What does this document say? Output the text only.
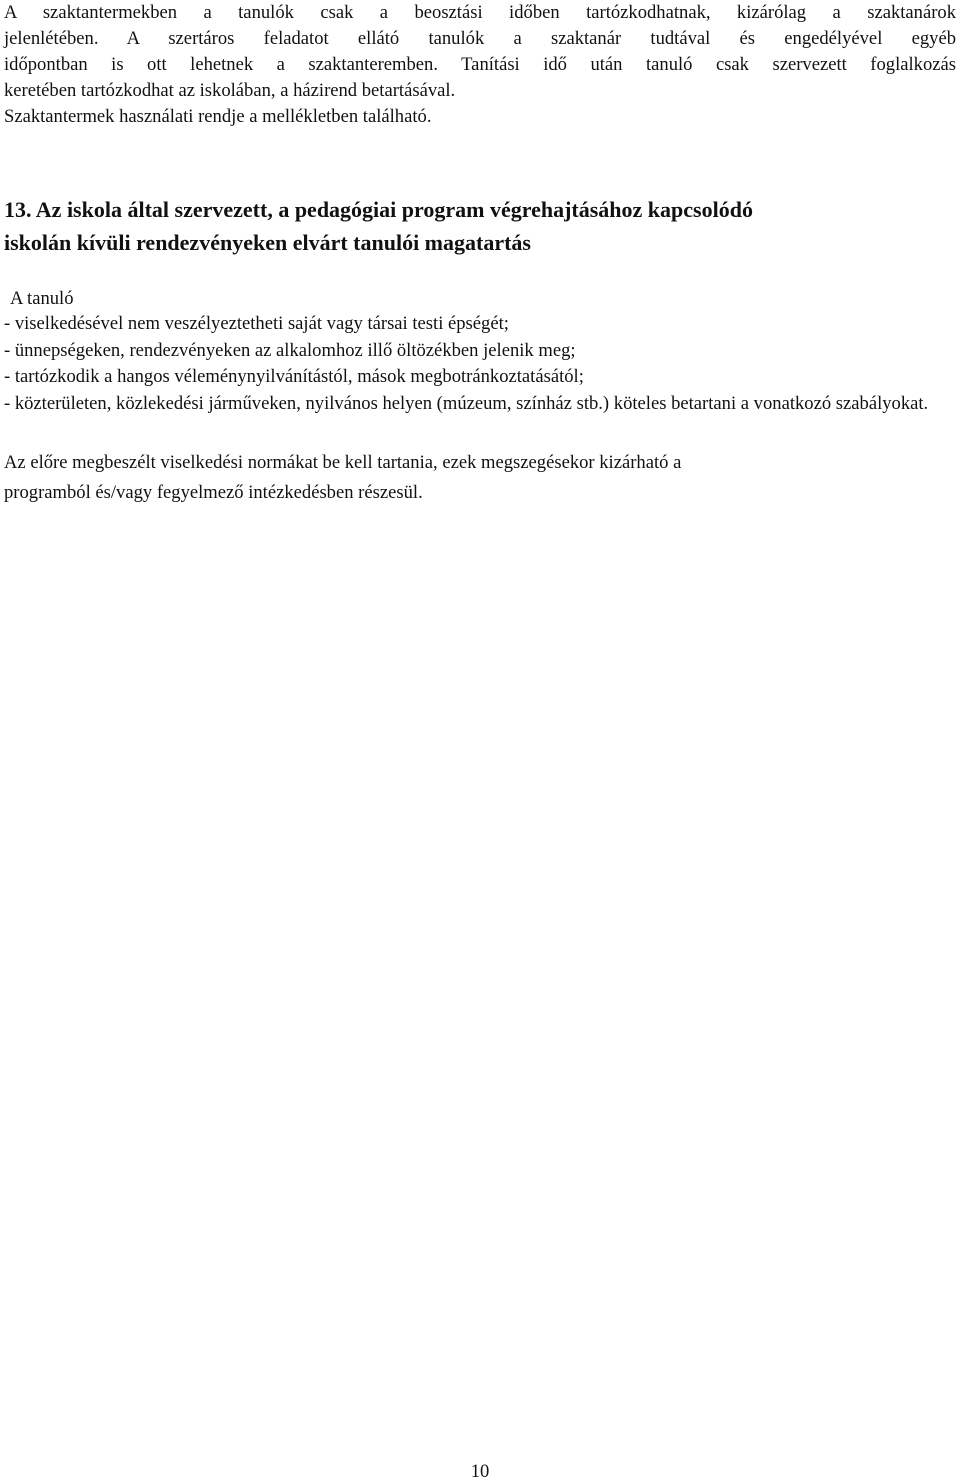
A szaktantermekben a tanulók csak a beosztási időben tartózkodhatnak, kizárólag a szaktanárok
jelenlétében. A szertáros feladatot ellátó tanulók a szaktanár tudtával és engedélyével egyéb
időpontban is ott lehetnek a szaktanteremben. Tanítási idő után tanuló csak szervezett foglalkozás
keretében tartózkodhat az iskolában, a házirend betartásával.
Szaktantermek használati rendje a mellékletben található.
13. Az iskola által szervezett, a pedagógiai program végrehajtásához kapcsolódó
iskolán kívüli rendezvényeken elvárt tanulói magatartás
A tanuló
- viselkedésével nem veszélyeztetheti saját vagy társai testi épségét;
- ünnepségeken, rendezvényeken az alkalomhoz illő öltözékben jelenik meg;
- tartózkodik a hangos véleménynyilvánítástól, mások megbotránkoztatásától;
- közterületen, közlekedési járműveken, nyilvános helyen (múzeum, színház stb.) köteles betartani a vonatkozó szabályokat.
Az előre megbeszélt viselkedési normákat be kell tartania, ezek megszegésekor kizárható a
programból és/vagy fegyelmező intézkedésben részesül.
10
